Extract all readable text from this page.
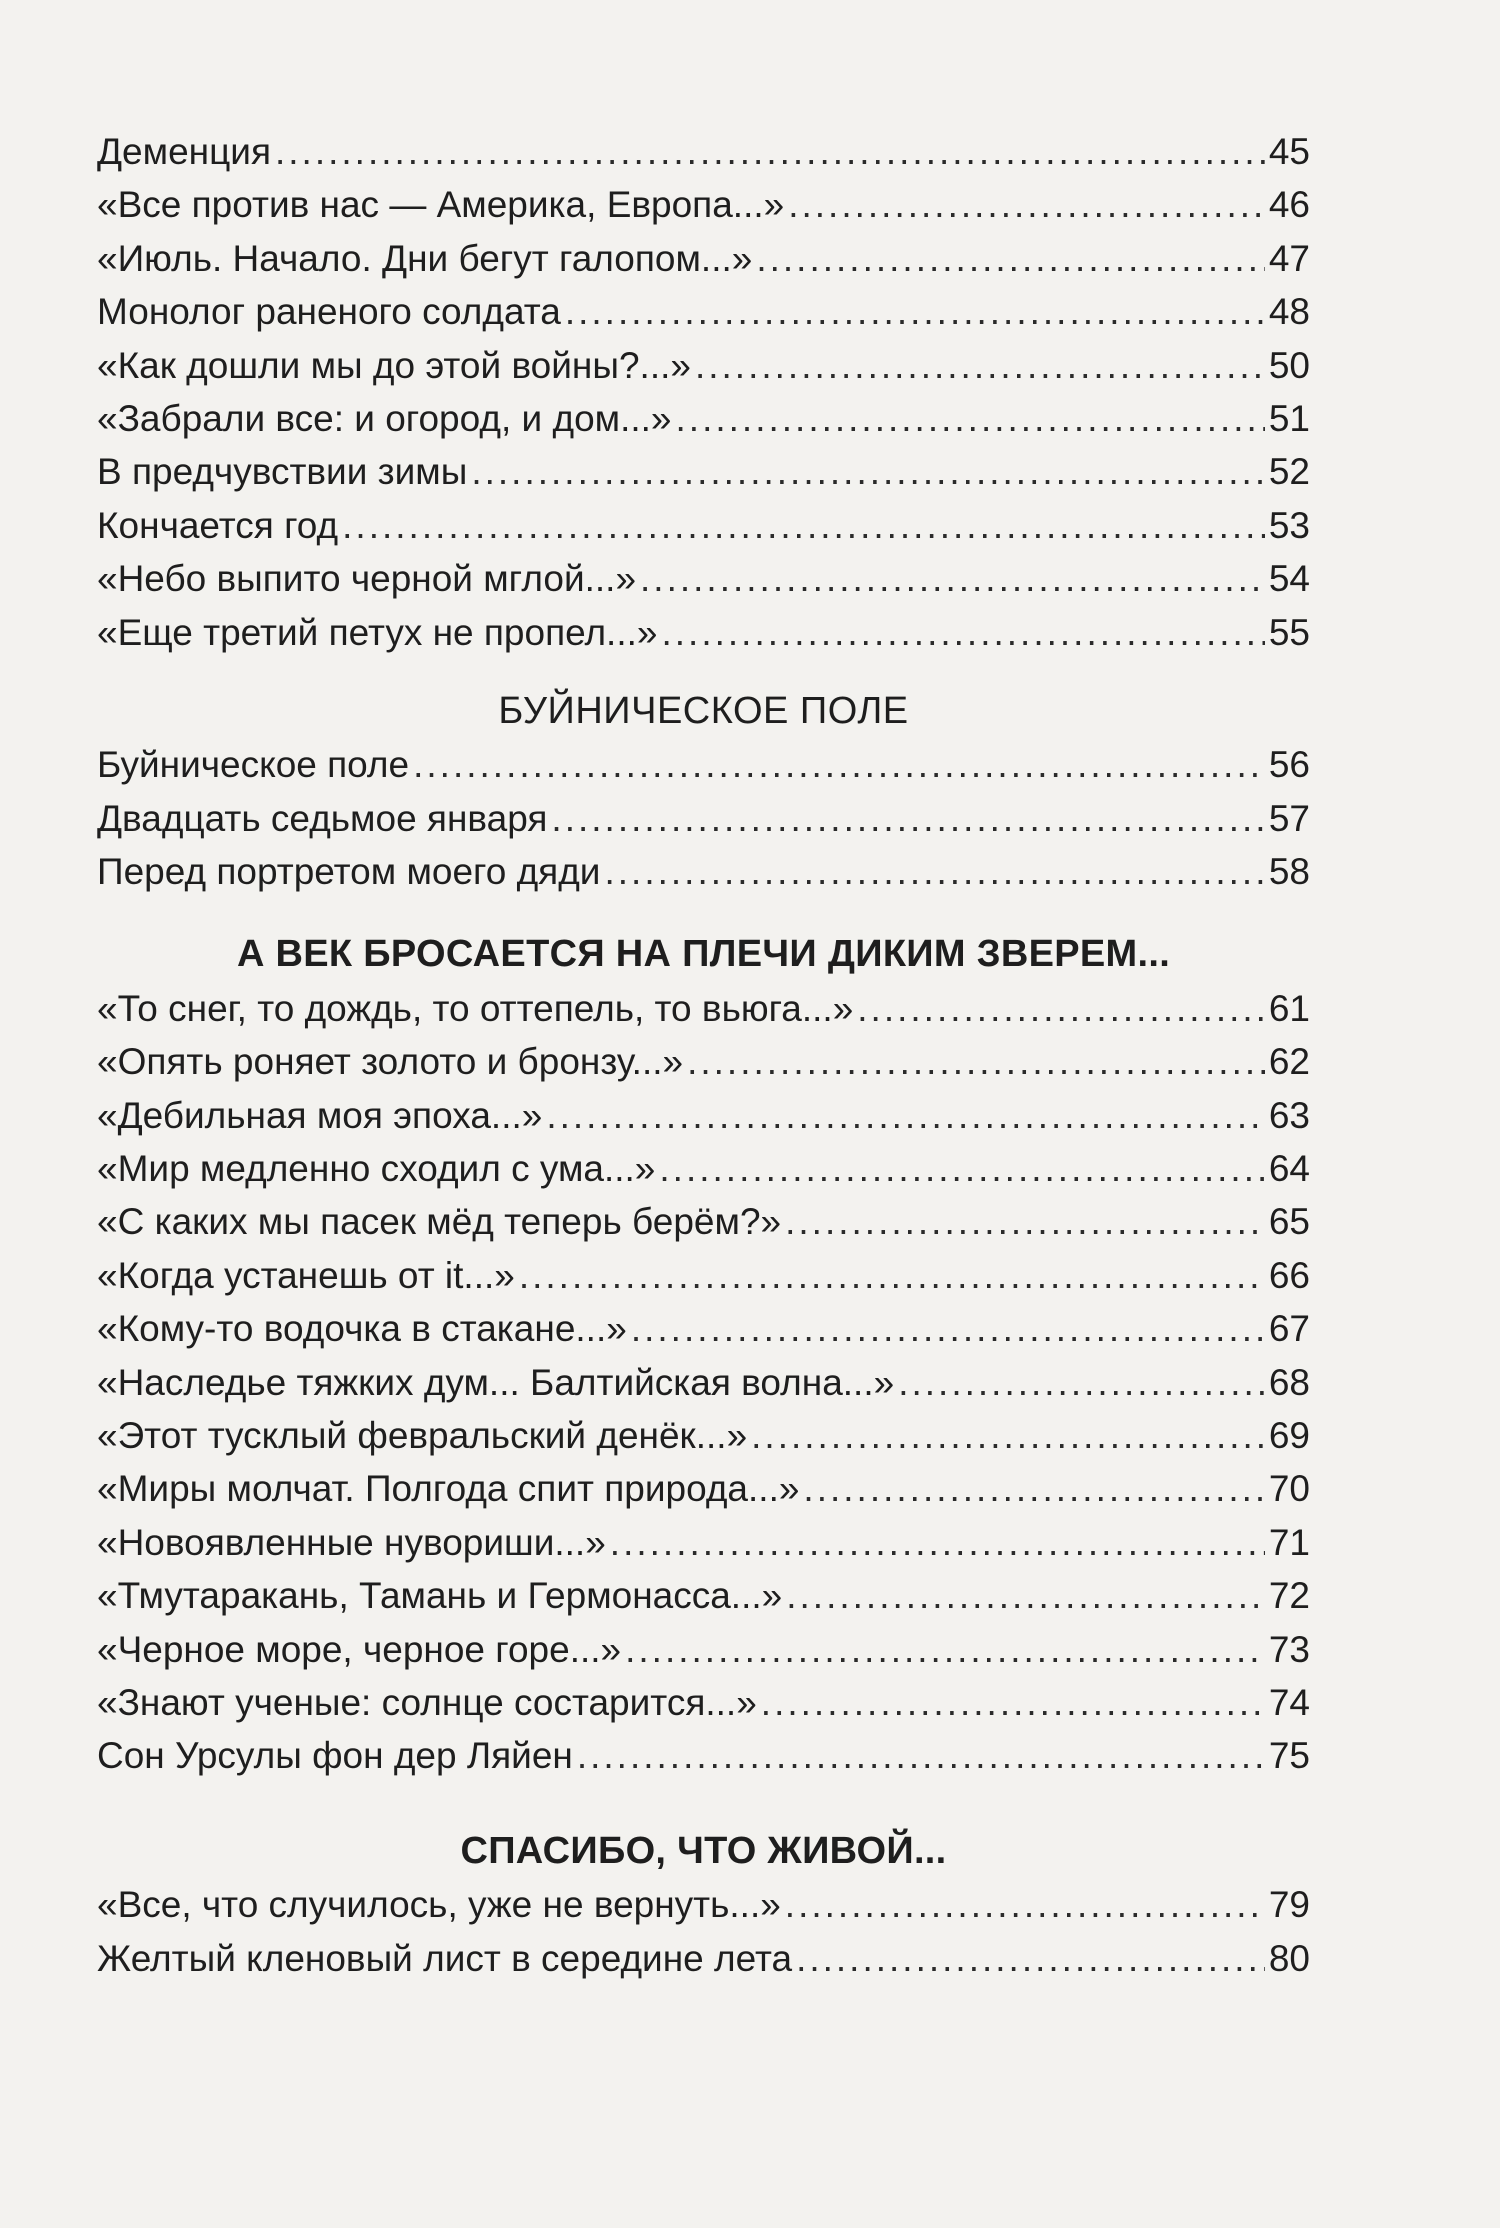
Деменция .....	45
«Все против нас — Америка, Европа...» .....	46
«Июль. Начало. Дни бегут галопом...» .....	47
Монолог раненого солдата .....	48
«Как дошли мы до этой войны?...» .....	50
«Забрали все: и огород, и дом...» .....	51
В предчувствии зимы .....	52
Кончается год .....	53
«Небо выпито черной мглой...» .....	54
«Еще третий петух не пропел...» .....	55
БУЙНИЧЕСКОЕ ПОЛЕ
Буйническое поле .....	56
Двадцать седьмое января .....	57
Перед портретом моего дяди .....	58
А ВЕК БРОСАЕТСЯ НА ПЛЕЧИ ДИКИМ ЗВЕРЕМ...
«То снег, то дождь, то оттепель, то вьюга...» .....	61
«Опять роняет золото и бронзу...» .....	62
«Дебильная моя эпоха...» .....	63
«Мир медленно сходил с ума...» .....	64
«С каких мы пасек мёд теперь берём?» .....	65
«Когда устанешь от it...» .....	66
«Кому-то водочка в стакане...» .....	67
«Наследье тяжких дум... Балтийская волна...» .....	68
«Этот тусклый февральский денёк...» .....	69
«Миры молчат. Полгода спит природа...» .....	70
«Новоявленные нувориши...» .....	71
«Тмутаракань, Тамань и Гермонасса...» .....	72
«Черное море, черное горе...» .....	73
«Знают ученые: солнце состарится...» .....	74
Сон Урсулы фон дер Ляйен .....	75
СПАСИБО, ЧТО ЖИВОЙ...
«Все, что случилось, уже не вернуть...» .....	79
Желтый кленовый лист в середине лета .....	80
